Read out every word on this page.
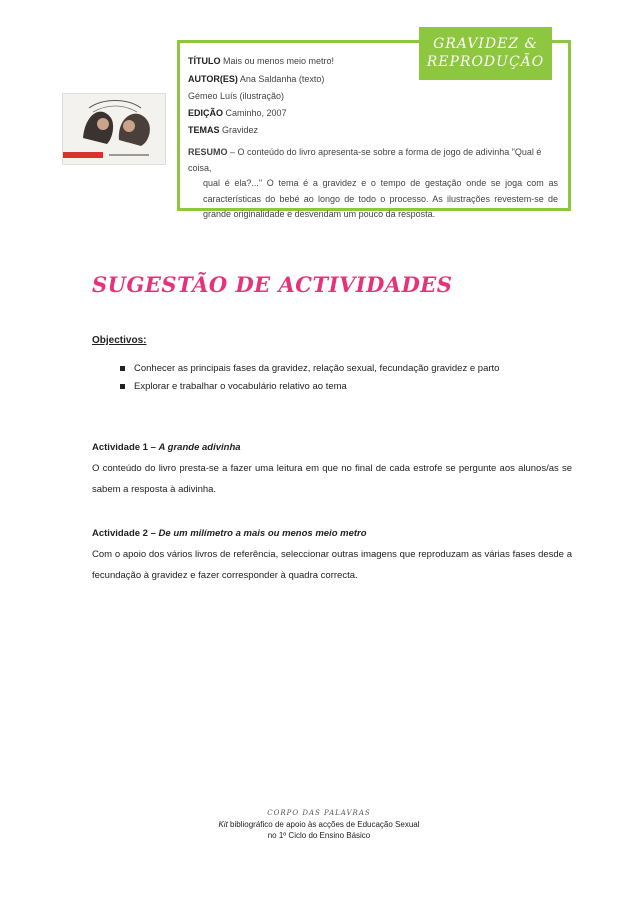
GRAVIDEZ &
REPRODUÇÃO
TÍTULO Mais ou menos meio metro!
AUTOR(ES) Ana Saldanha (texto)
Gémeo Luís (ilustração)
EDIÇÃO Caminho, 2007
TEMAS Gravidez

RESUMO – O conteúdo do livro apresenta-se sobre a forma de jogo de adivinha "Qual é coisa,

qual é ela?..." O tema é a gravidez e o tempo de gestação onde se joga com as características do bebé ao longo de todo o processo. As ilustrações revestem-se de grande originalidade e desvendam um pouco da resposta.

SUGESTÃO DE ACTIVIDADES
Objectivos:
Conhecer as principais fases da gravidez, relação sexual, fecundação gravidez e parto
Explorar e trabalhar o vocabulário relativo ao tema
Actividade 1 – A grande adivinha
O conteúdo do livro presta-se a fazer uma leitura em que no final de cada estrofe se pergunte aos alunos/as se sabem a resposta à adivinha.
Actividade 2 – De um milímetro a mais ou menos meio metro
Com o apoio dos vários livros de referência, seleccionar outras imagens que reproduzam as várias fases desde a fecundação à gravidez e fazer corresponder à quadra correcta.
CORPO DAS PALAVRAS
Kit bibliográfico de apoio às acções de Educação Sexual
no 1º Ciclo do Ensino Básico
